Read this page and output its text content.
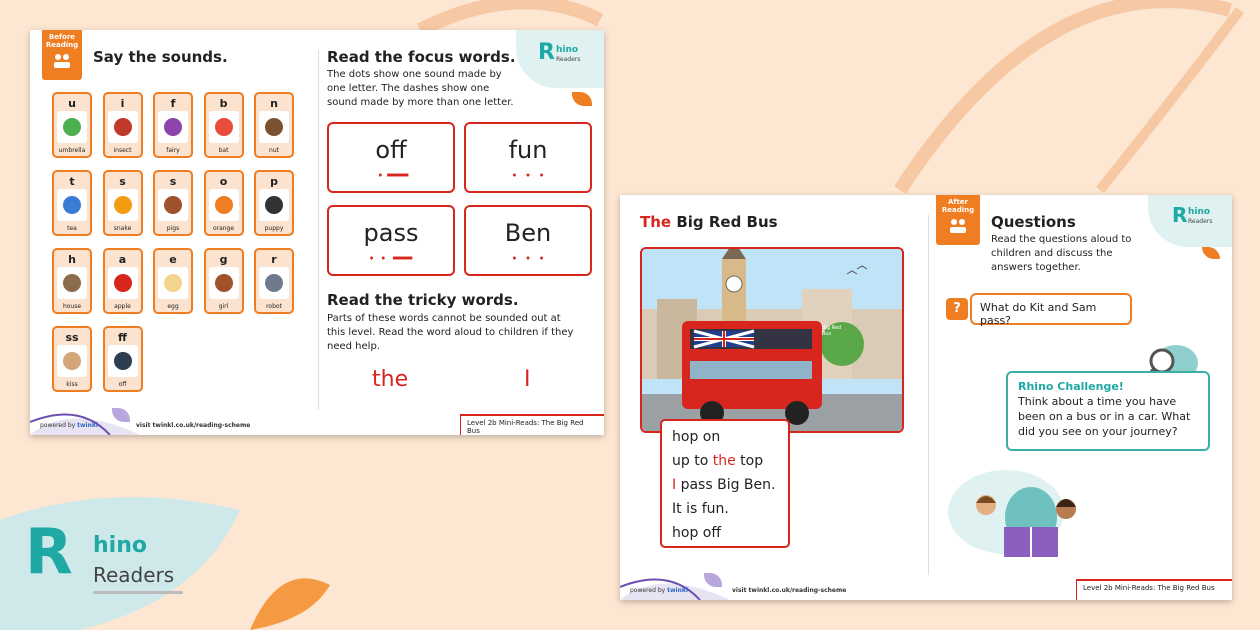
R hino
Readers
Before Reading
Say the sounds.	Read the focus words.
The dots show one sound made by one letter. The dashes show one sound made by more than one letter.
R hino
Readers
off	fun
pass	Ben
Read the tricky words.
Parts of these words cannot be sounded out at this level. Read the word aloud to children if they need help.
the	I
powered by twinkl	visit twinkl.co.uk/reading-scheme	Level 2b Mini-Reads: The Big Red Bus
u
umbrella
i
insect
f
fairy
b
bat
n
nut
t
tea
s
snake
s
pigs
o
orange
p
puppy
h
house
a
apple
e
egg
g
girl
r
robot
ss
kiss
ff
off
The Big Red Bus
Big Red Bus
hop on
up to the top
I pass Big Ben.
It is fun.
hop off
After Reading
Questions
Read the questions aloud to children and discuss the answers together.
R hino
Readers
?	What do Kit and Sam pass?
Rhino Challenge!
Think about a time you have been on a bus or in a car. What did you see on your journey?
powered by twinkl	visit twinkl.co.uk/reading-scheme	Level 2b Mini-Reads: The Big Red Bus
